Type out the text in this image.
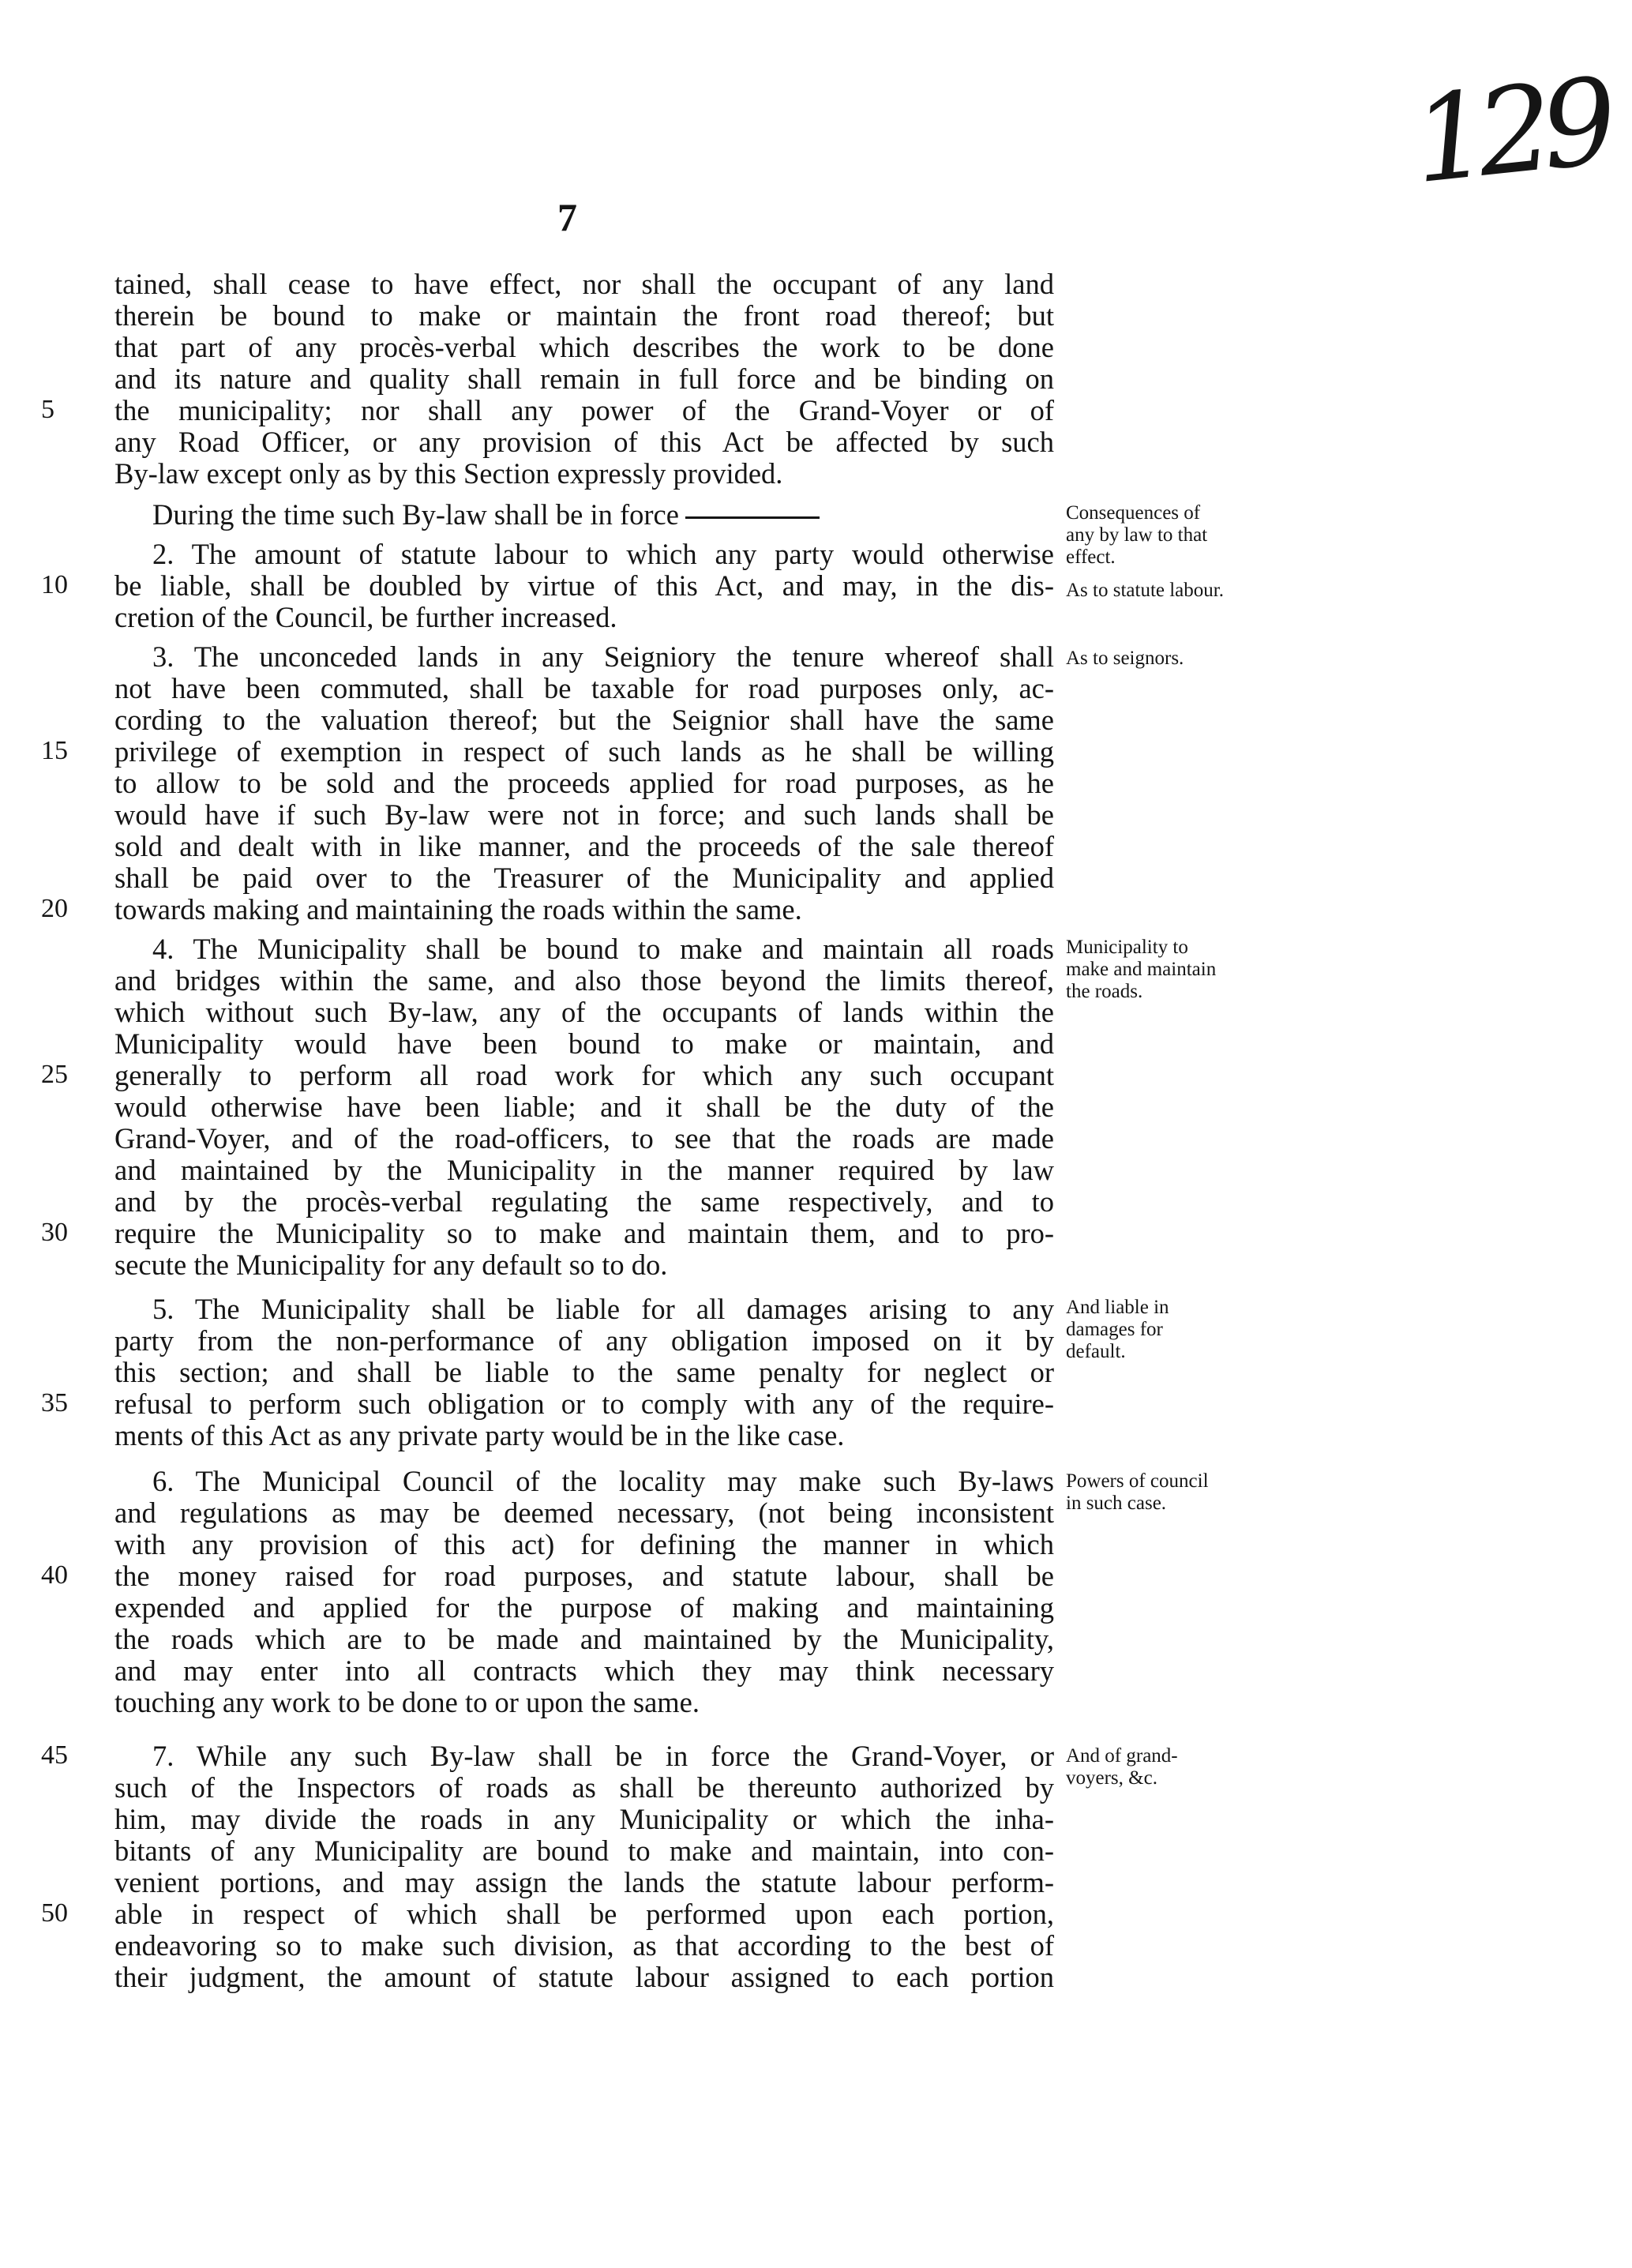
7
129
tained, shall cease to have effect, nor shall the occupant of any land
therein be bound to make or maintain the front road thereof; but
that part of any procès-verbal which describes the work to be done
and its nature and quality shall remain in full force and be binding on
the municipality; nor shall any power of the Grand-Voyer or of
any Road Officer, or any provision of this Act be affected by such
By-law except only as by this Section expressly provided.
During the time such By-law shall be in force
2. The amount of statute labour to which any party would otherwise
be liable, shall be doubled by virtue of this Act, and may, in the dis-
cretion of the Council, be further increased.
3. The unconceded lands in any Seigniory the tenure whereof shall
not have been commuted, shall be taxable for road purposes only, ac-
cording to the valuation thereof; but the Seignior shall have the same
privilege of exemption in respect of such lands as he shall be willing
to allow to be sold and the proceeds applied for road purposes, as he
would have if such By-law were not in force; and such lands shall be
sold and dealt with in like manner, and the proceeds of the sale thereof
shall be paid over to the Treasurer of the Municipality and applied
towards making and maintaining the roads within the same.
4. The Municipality shall be bound to make and maintain all roads
and bridges within the same, and also those beyond the limits thereof,
which without such By-law, any of the occupants of lands within the
Municipality would have been bound to make or maintain, and
generally to perform all road work for which any such occupant
would otherwise have been liable; and it shall be the duty of the
Grand-Voyer, and of the road-officers, to see that the roads are made
and maintained by the Municipality in the manner required by law
and by the procès-verbal regulating the same respectively, and to
require the Municipality so to make and maintain them, and to pro-
secute the Municipality for any default so to do.
5. The Municipality shall be liable for all damages arising to any
party from the non-performance of any obligation imposed on it by
this section; and shall be liable to the same penalty for neglect or
refusal to perform such obligation or to comply with any of the require-
ments of this Act as any private party would be in the like case.
6. The Municipal Council of the locality may make such By-laws
and regulations as may be deemed necessary, (not being inconsistent
with any provision of this act) for defining the manner in which
the money raised for road purposes, and statute labour, shall be
expended and applied for the purpose of making and maintaining
the roads which are to be made and maintained by the Municipality,
and may enter into all contracts which they may think necessary
touching any work to be done to or upon the same.
7. While any such By-law shall be in force the Grand-Voyer, or
such of the Inspectors of roads as shall be thereunto authorized by
him, may divide the roads in any Municipality or which the inha-
bitants of any Municipality are bound to make and maintain, into con-
venient portions, and may assign the lands the statute labour perform-
able in respect of which shall be performed upon each portion,
endeavoring so to make such division, as that according to the best of
their judgment, the amount of statute labour assigned to each portion
5
10
15
20
25
30
35
40
45
50
Consequences of any by law to that effect.
As to statute labour.
As to seignors.
Municipality to make and maintain the roads.
And liable in damages for default.
Powers of council in such case.
And of grand-voyers, &c.
